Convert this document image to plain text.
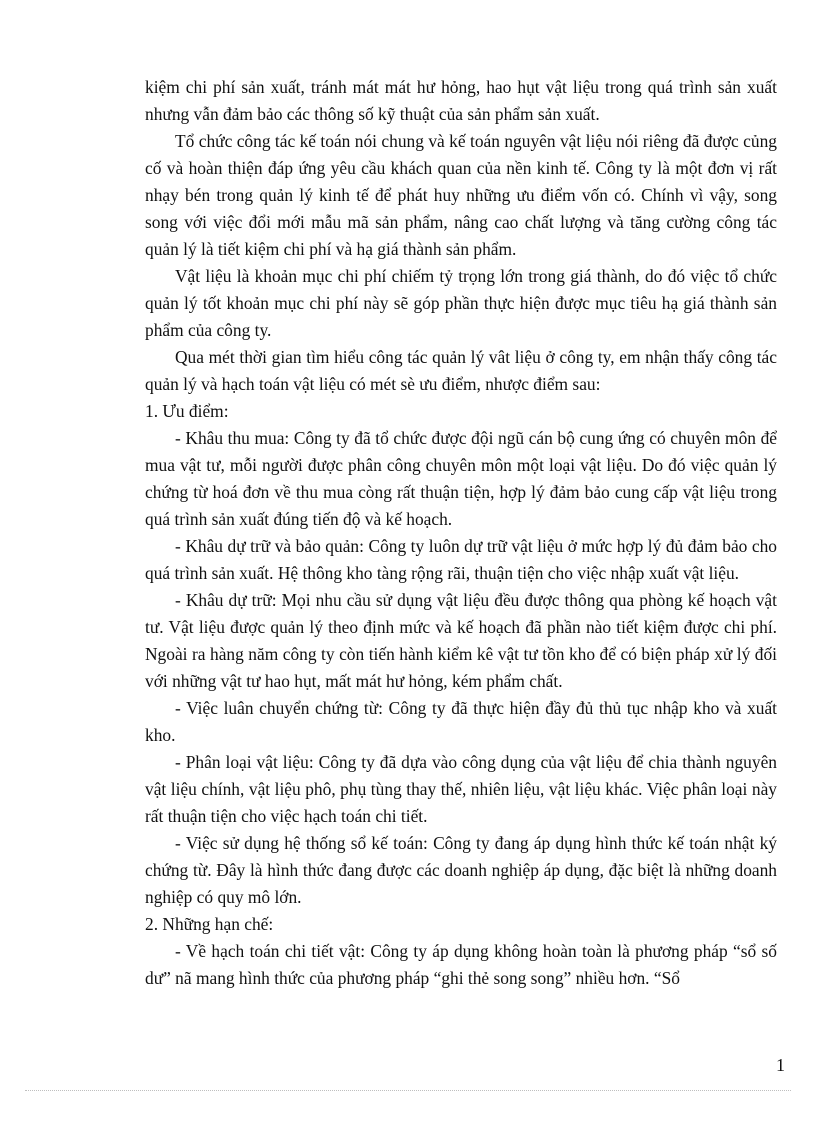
kiệm chi phí sản xuất, tránh mát mát hư hỏng, hao hụt vật liệu trong quá trình sản xuất nhưng vẫn đảm bảo các thông số kỹ thuật của sản phẩm sản xuất.

Tổ chức công tác kế toán nói chung và kế toán nguyên vật liệu nói riêng đã được củng cố và hoàn thiện đáp ứng yêu cầu khách quan của nền kinh tế. Công ty là một đơn vị rất nhạy bén trong quản lý kinh tế để phát huy những ưu điểm vốn có. Chính vì vậy, song song với việc đổi mới mẫu mã sản phẩm, nâng cao chất lượng và tăng cường công tác quản lý là tiết kiệm chi phí và hạ giá thành sản phẩm.

Vật liệu là khoản mục chi phí chiếm tỷ trọng lớn trong giá thành, do đó việc tổ chức quản lý tốt khoản mục chi phí này sẽ góp phần thực hiện được mục tiêu hạ giá thành sản phẩm của công ty.

Qua mét thời gian tìm hiểu công tác quản lý vât liệu ở công ty, em nhận thấy công tác quản lý và hạch toán vật liệu có mét sè ưu điểm, nhược điểm sau:

1. Ưu điểm:

- Khâu thu mua: Công ty đã tổ chức được đội ngũ cán bộ cung ứng có chuyên môn để mua vật tư, mỗi người được phân công chuyên môn một loại vật liệu. Do đó việc quản lý chứng từ hoá đơn về thu mua còng rất thuận tiện, hợp lý đảm bảo cung cấp vật liệu trong quá trình sản xuất đúng tiến độ và kế hoạch.

- Khâu dự trữ và bảo quản: Công ty luôn dự trữ vật liệu ở mức hợp lý đủ đảm bảo cho quá trình sản xuất. Hệ thông kho tàng rộng rãi, thuận tiện cho việc nhập xuất vật liệu.

- Khâu dự trữ: Mọi nhu cầu sử dụng vật liệu đều được thông qua phòng kế hoạch vật tư. Vật liệu được quản lý theo định mức và kế hoạch đã phần nào tiết kiệm được chi phí. Ngoài ra hàng năm công ty còn tiến hành kiểm kê vật tư tồn kho để có biện pháp xử lý đối với những vật tư hao hụt, mất mát hư hỏng, kém phẩm chất.

- Việc luân chuyển chứng từ: Công ty đã thực hiện đầy đủ thủ tục nhập kho và xuất kho.

- Phân loại vật liệu: Công ty đã dựa vào công dụng của vật liệu để chia thành nguyên vật liệu chính, vật liệu phô, phụ tùng thay thế, nhiên liệu, vật liệu khác. Việc phân loại này rất thuận tiện cho việc hạch toán chi tiết.

- Việc sử dụng hệ thống sổ kế toán: Công ty đang áp dụng hình thức kế toán nhật ký chứng từ. Đây là hình thức đang được các doanh nghiệp áp dụng, đặc biệt là những doanh nghiệp có quy mô lớn.

2. Những hạn chế:

- Về hạch toán chi tiết vật: Công ty áp dụng không hoàn toàn là phương pháp “sổ số dư” nã mang hình thức của phương pháp “ghi thẻ song song” nhiều hơn. “Sổ

1
